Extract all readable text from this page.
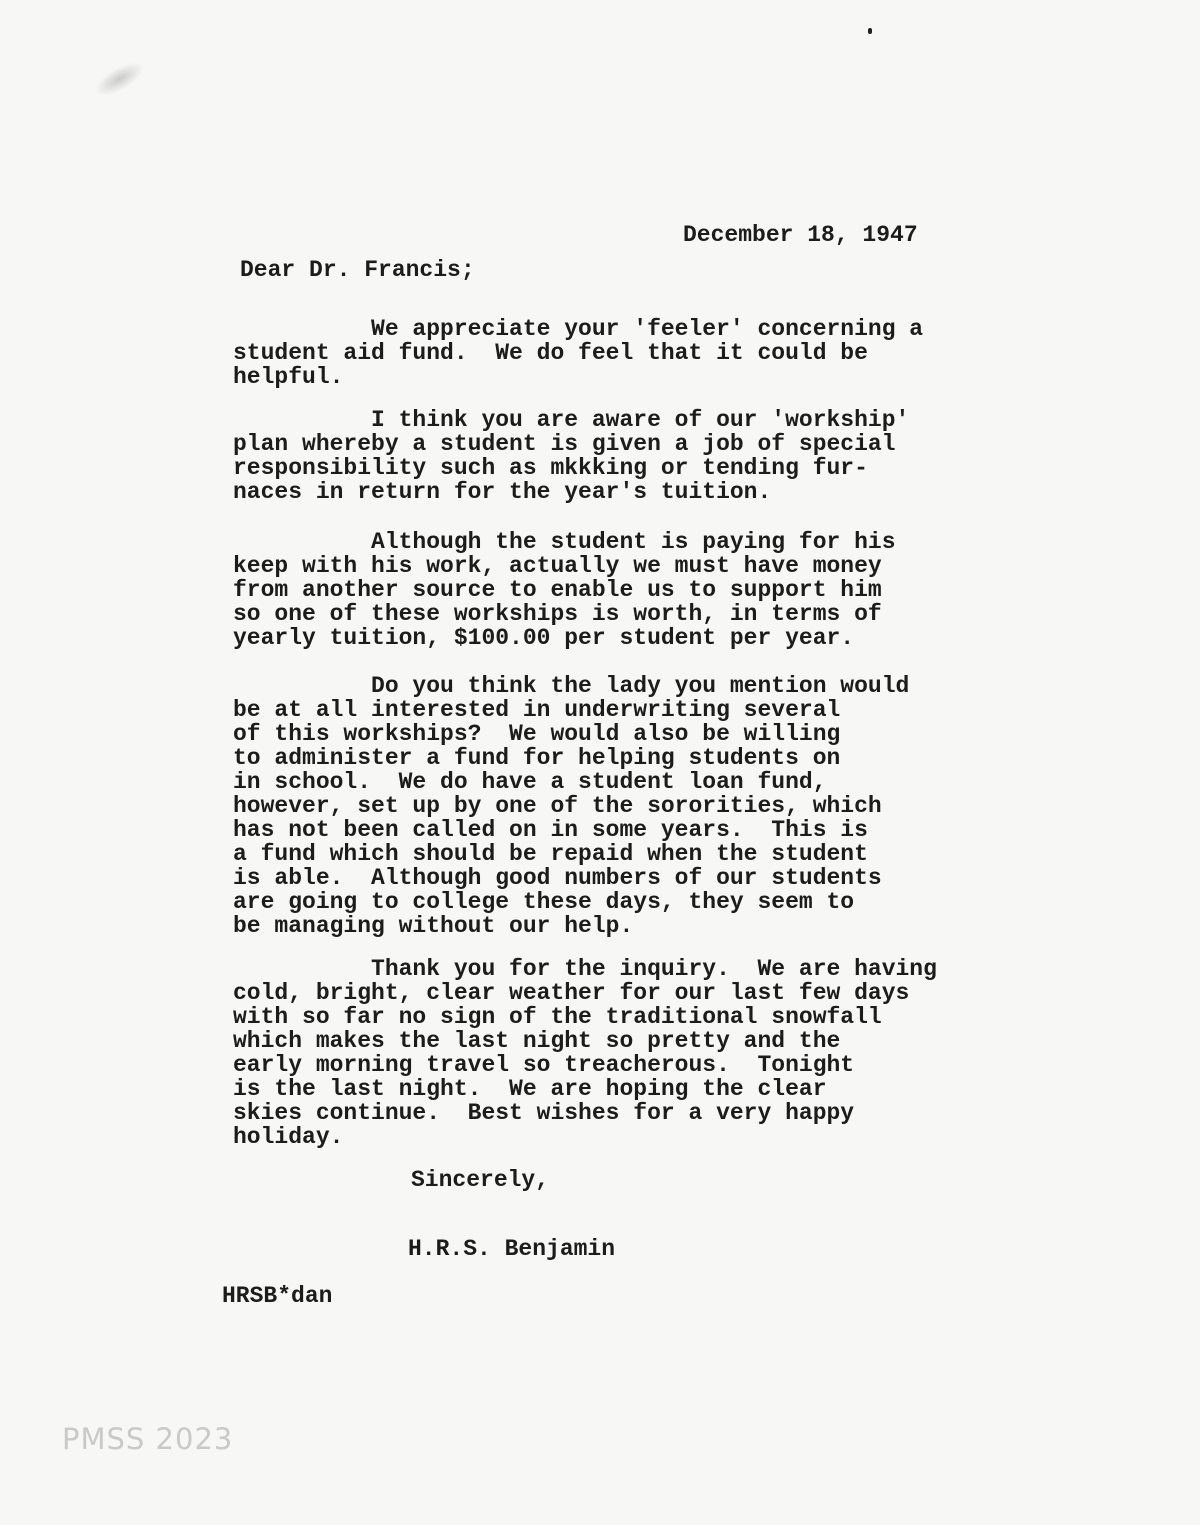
December 18, 1947
Dear Dr. Francis;
We appreciate your 'feeler' concerning a
student aid fund.  We do feel that it could be
helpful.
I think you are aware of our 'workship'
plan whereby a student is given a job of special
responsibility such as mkkking or tending fur-
naces in return for the year's tuition.
Although the student is paying for his
keep with his work, actually we must have money
from another source to enable us to support him
so one of these workships is worth, in terms of
yearly tuition, $100.00 per student per year.
Do you think the lady you mention would
be at all interested in underwriting several
of this workships?  We would also be willing
to administer a fund for helping students on
in school.  We do have a student loan fund,
however, set up by one of the sororities, which
has not been called on in some years.  This is
a fund which should be repaid when the student
is able.  Although good numbers of our students
are going to college these days, they seem to
be managing without our help.
Thank you for the inquiry.  We are having
cold, bright, clear weather for our last few days
with so far no sign of the traditional snowfall
which makes the last night so pretty and the
early morning travel so treacherous.  Tonight
is the last night.  We are hoping the clear
skies continue.  Best wishes for a very happy
holiday.
Sincerely,
H.R.S. Benjamin
HRSB*dan
PMSS 2023
